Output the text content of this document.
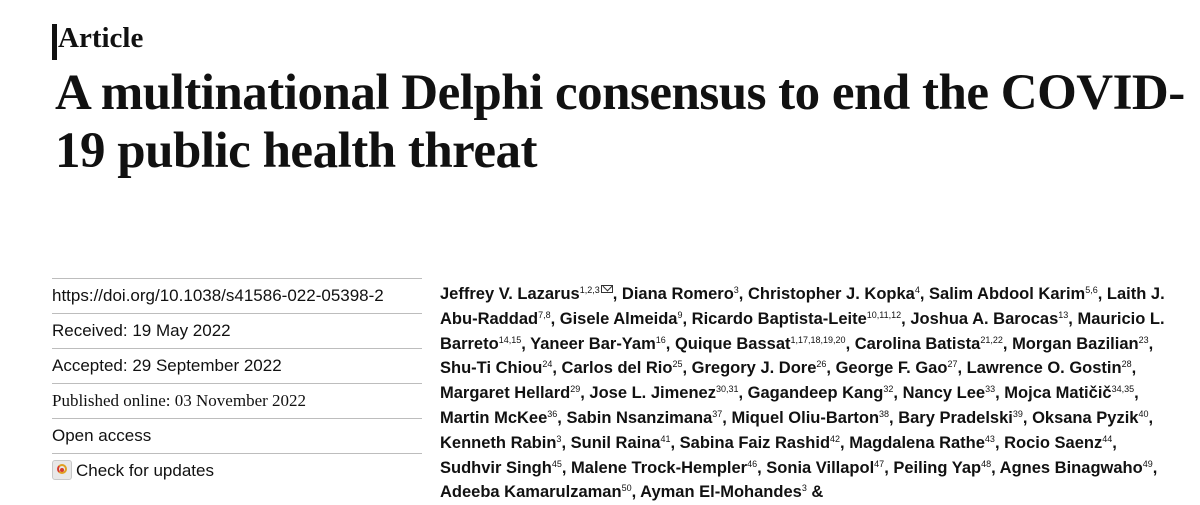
Article
A multinational Delphi consensus to end the COVID-19 public health threat
https://doi.org/10.1038/s41586-022-05398-2
Received: 19 May 2022
Accepted: 29 September 2022
Published online: 03 November 2022
Open access
Check for updates
Jeffrey V. Lazarus$^{1,2,3}$ , Diana Romero$^3$, Christopher J. Kopka$^4$, Salim Abdool Karim$^{5,6}$, Laith J. Abu-Raddad$^{7,8}$, Gisele Almeida$^9$, Ricardo Baptista-Leite$^{10,11,12}$, Joshua A. Barocas$^{13}$, Mauricio L. Barreto$^{14,15}$, Yaneer Bar-Yam$^{16}$, Quique Bassat$^{1,17,18,19,20}$, Carolina Batista$^{21,22}$, Morgan Bazilian$^{23}$, Shu-Ti Chiou$^{24}$, Carlos del Rio$^{25}$, Gregory J. Dore$^{26}$, George F. Gao$^{27}$, Lawrence O. Gostin$^{28}$, Margaret Hellard$^{29}$, Jose L. Jimenez$^{30,31}$, Gagandeep Kang$^{32}$, Nancy Lee$^{33}$, Mojca Matičič$^{34,35}$, Martin McKee$^{36}$, Sabin Nsanzimana$^{37}$, Miquel Oliu-Barton$^{38}$, Bary Pradelski$^{39}$, Oksana Pyzik$^{40}$, Kenneth Rabin$^3$, Sunil Raina$^{41}$, Sabina Faiz Rashid$^{42}$, Magdalena Rathe$^{43}$, Rocio Saenz$^{44}$, Sudhvir Singh$^{45}$, Malene Trock-Hempler$^{46}$, Sonia Villapol$^{47}$, Peiling Yap$^{48}$, Agnes Binagwaho$^{49}$, Adeeba Kamarulzaman$^{50}$, Ayman El-Mohandes$^3$ &
